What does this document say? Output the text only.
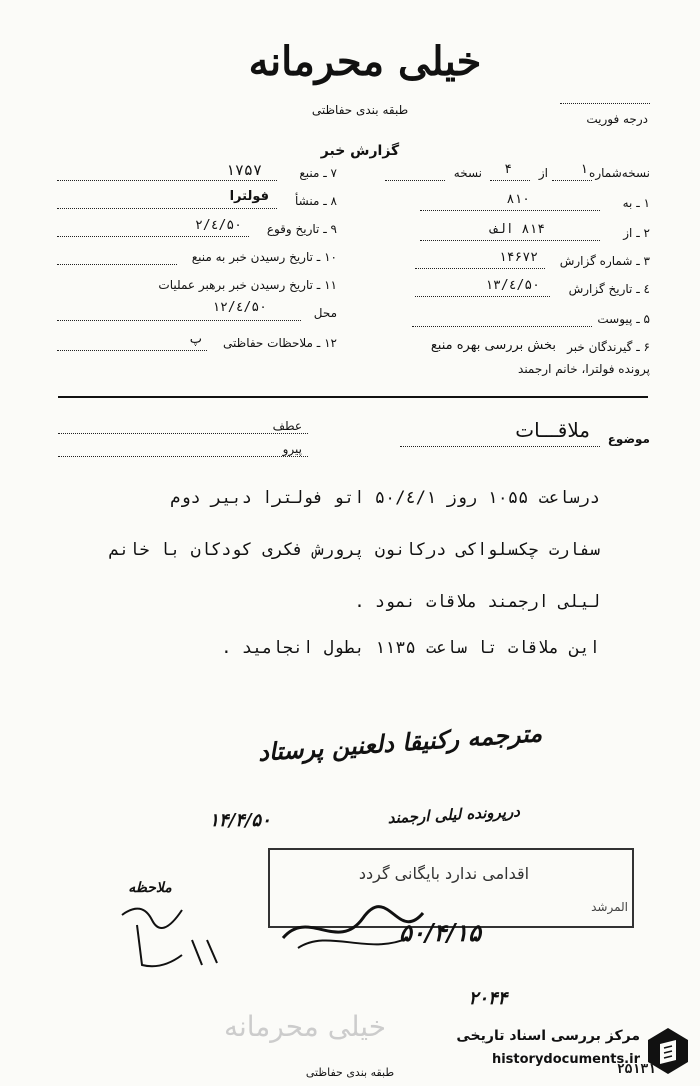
خیلی محرمانه
طبقه بندی حفاظتی
درجه فوریت
گزارش خبر
نسخه‌شماره
۱
از
۴
نسخه
۱ ـ به
۸۱۰
۲ ـ از
۸۱۴ الف
۳ ـ شماره گزارش
۱۴۶۷۲
٤ ـ تاریخ گزارش
۵۰/٤/۱۳
۵ ـ پیوست
۶ ـ گیرندگان خبر
بخش بررسی بهره منبع
پرونده فولترا، خانم ارجمند
۷ ـ منبع
۱۷۵۷
۸ ـ منشأ
فولترا
۹ ـ تاریخ وقوع
۵۰/٤/۲
۱۰ ـ تاریخ رسیدن خبر به منبع
۱۱ ـ تاریخ رسیدن خبر برهبر عملیات
محل
۵۰/٤/۱۲
۱۲ ـ ملاحظات حفاظتی
پ
موضوع
ملاقـــات
عطف
پیرو
درساعت ۱۰۵۵ روز ۵۰/٤/۱ اتو فولترا دبیر دوم
سفارت چکسلواکی درکانون پرورش فکری کودکان با خانم
لیلی ارجمند ملاقات نمود .
این ملاقات تا ساعت ۱۱۳۵ بطول انجامید .
مترجمه رکنیقا دلعنین پرستاد
درپرونده لیلی ارجمند
۱۴/۴/۵۰
اقدامی ندارد بایگانی گردد
المرشد
۵۰/۴/۱۵
ملاحظه
۲۰۴۴
خیلی محرمانه
طبقه بندی حفاظتی	۲۵۱۳۱
مرکز بررسی اسناد تاریخی
historydocuments.ir
